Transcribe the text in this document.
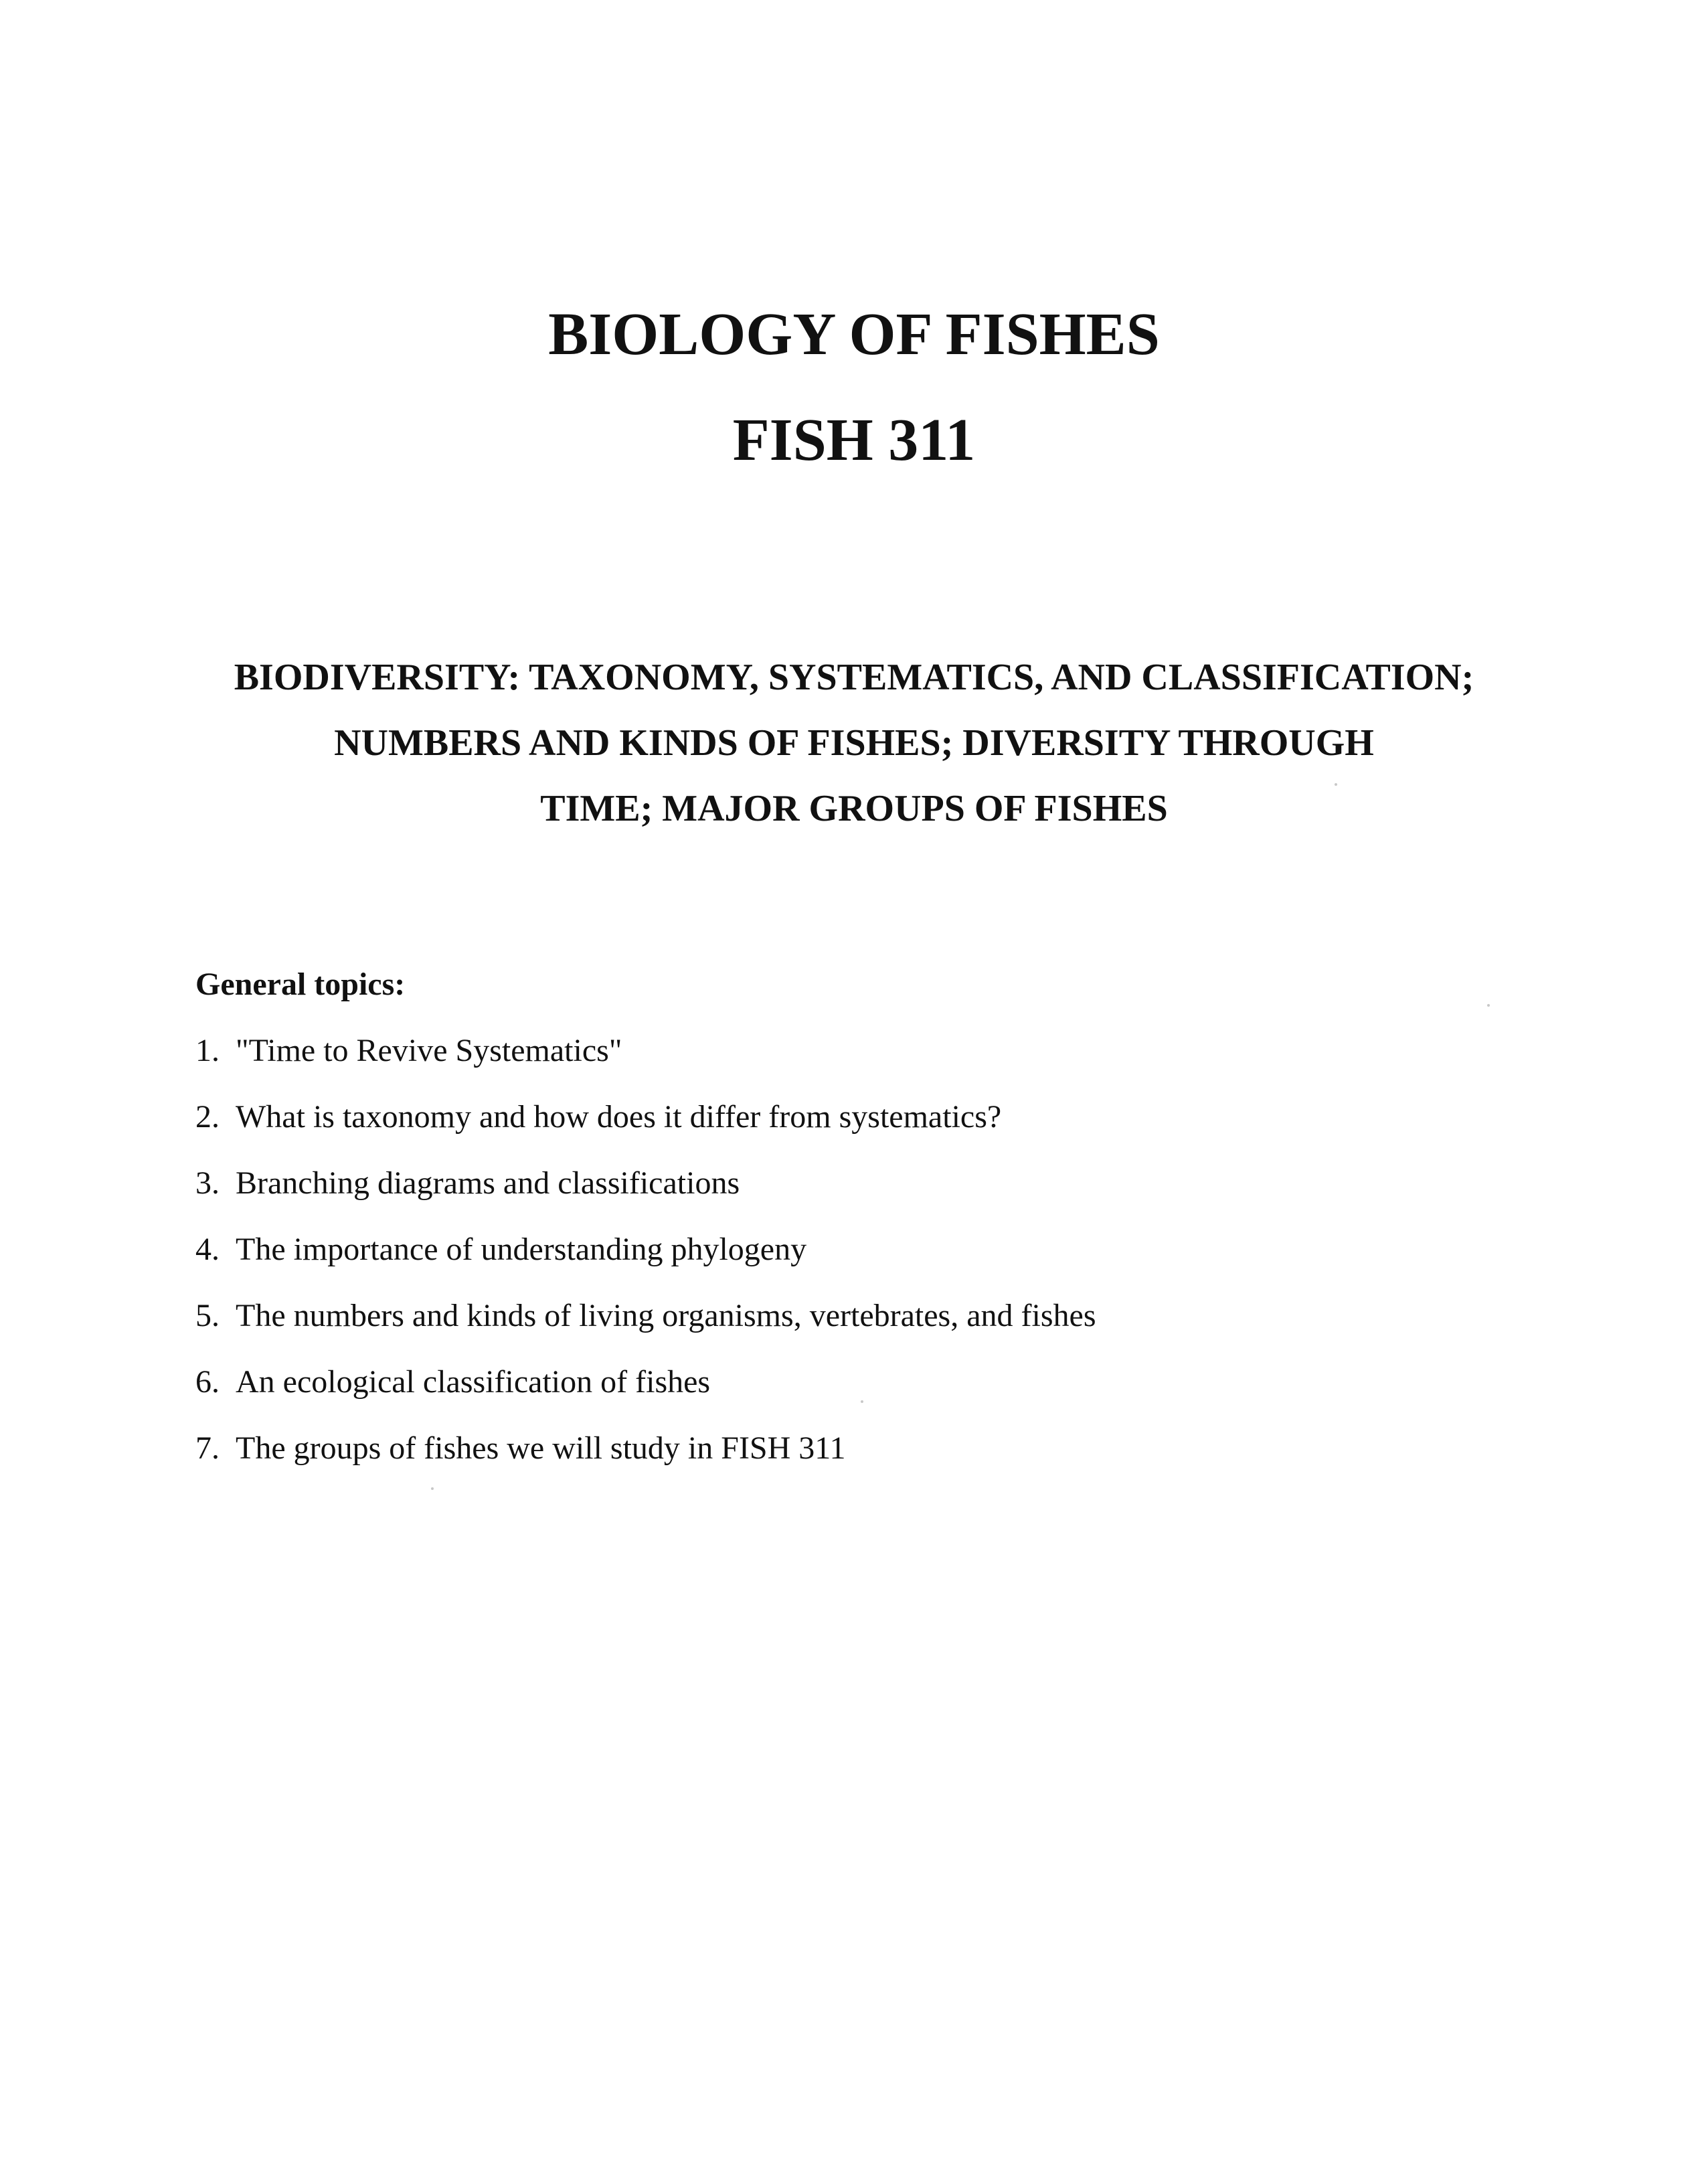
BIOLOGY OF FISHES
FISH 311
BIODIVERSITY: TAXONOMY, SYSTEMATICS, AND CLASSIFICATION;
NUMBERS AND KINDS OF FISHES; DIVERSITY THROUGH
TIME; MAJOR GROUPS OF FISHES
General topics:
1. "Time to Revive Systematics"
2. What is taxonomy and how does it differ from systematics?
3. Branching diagrams and classifications
4. The importance of understanding phylogeny
5. The numbers and kinds of living organisms, vertebrates, and fishes
6. An ecological classification of fishes
7. The groups of fishes we will study in FISH 311
